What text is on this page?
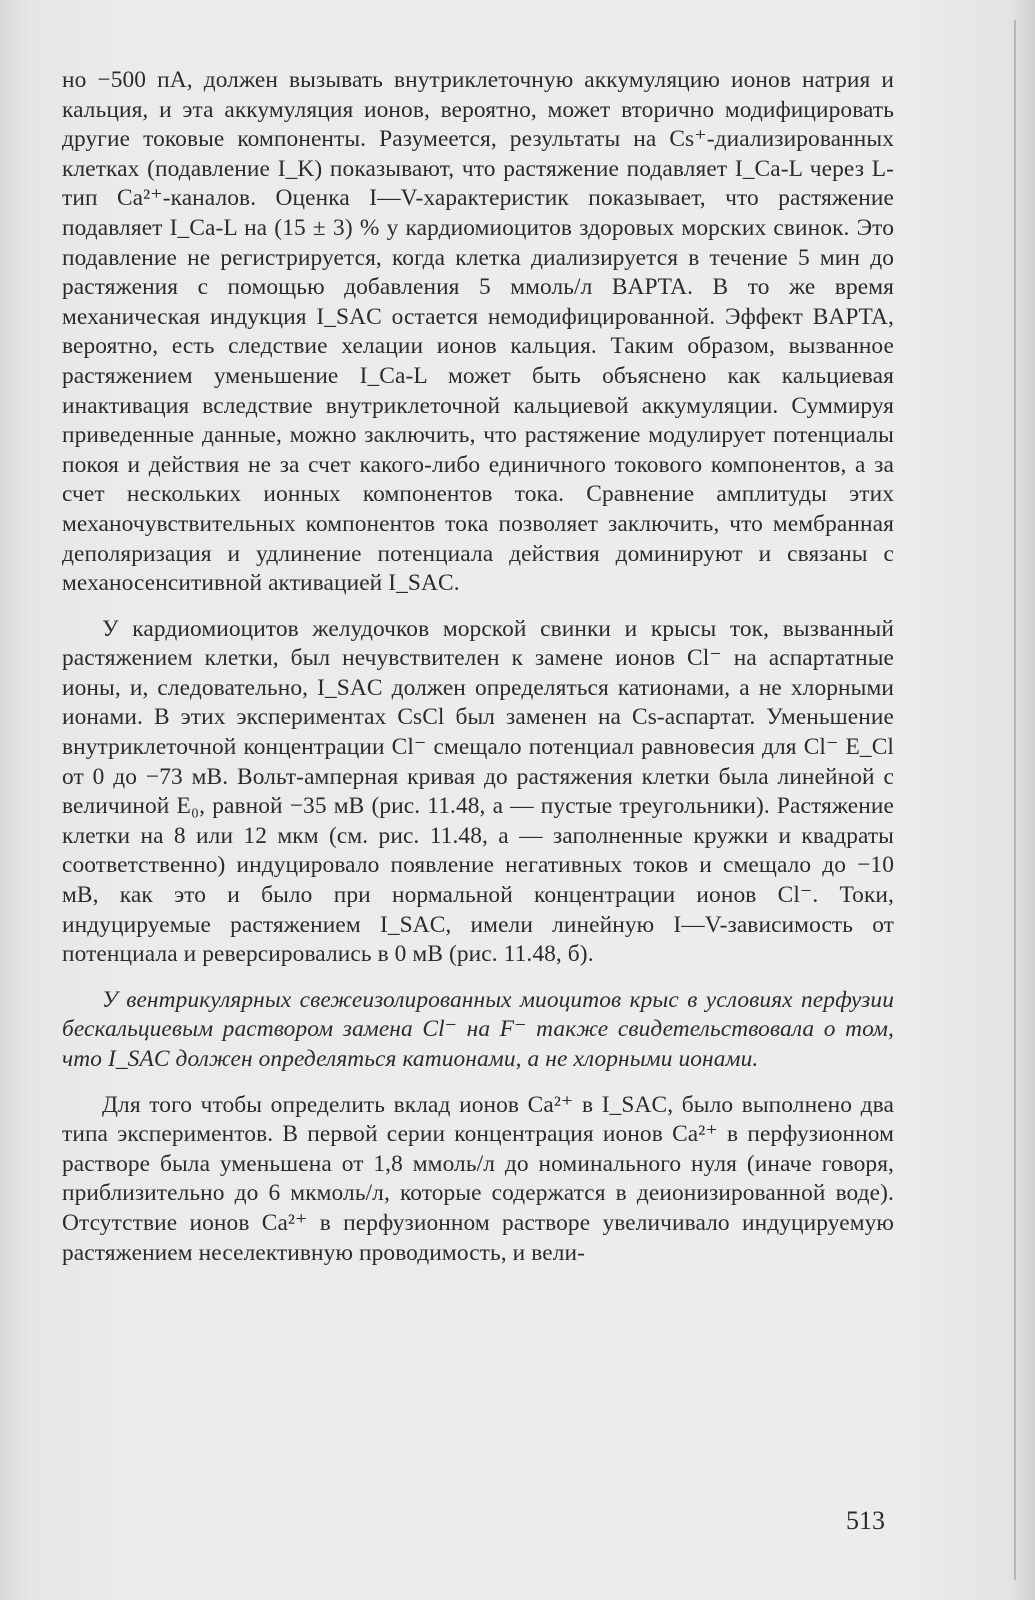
но −500 пА, должен вызывать внутриклеточную аккумуляцию ионов натрия и кальция, и эта аккумуляция ионов, вероятно, может вторично модифицировать другие токовые компоненты. Разумеется, результаты на Cs⁺-диализированных клетках (подавление I_K) показывают, что растяжение подавляет I_Ca-L через L-тип Ca²⁺-каналов. Оценка I—V-характеристик показывает, что растяжение подавляет I_Ca-L на (15 ± 3) % у кардиомиоцитов здоровых морских свинок. Это подавление не регистрируется, когда клетка диализируется в течение 5 мин до растяжения с помощью добавления 5 ммоль/л BAPTA. В то же время механическая индукция I_SAC остается немодифицированной. Эффект BAPTA, вероятно, есть следствие хелации ионов кальция. Таким образом, вызванное растяжением уменьшение I_Ca-L может быть объяснено как кальциевая инактивация вследствие внутриклеточной кальциевой аккумуляции. Суммируя приведенные данные, можно заключить, что растяжение модулирует потенциалы покоя и действия не за счет какого-либо единичного токового компонентов, а за счет нескольких ионных компонентов тока. Сравнение амплитуды этих механочувствительных компонентов тока позволяет заключить, что мембранная деполяризация и удлинение потенциала действия доминируют и связаны с механосенситивной активацией I_SAC.

У кардиомиоцитов желудочков морской свинки и крысы ток, вызванный растяжением клетки, был нечувствителен к замене ионов Cl⁻ на аспартатные ионы, и, следовательно, I_SAC должен определяться катионами, а не хлорными ионами. В этих экспериментах CsCl был заменен на Cs-аспартат. Уменьшение внутриклеточной концентрации Cl⁻ смещало потенциал равновесия для Cl⁻ E_Cl от 0 до −73 мВ. Вольт-амперная кривая до растяжения клетки была линейной с величиной E₀, равной −35 мВ (рис. 11.48, а — пустые треугольники). Растяжение клетки на 8 или 12 мкм (см. рис. 11.48, а — заполненные кружки и квадраты соответственно) индуцировало появление негативных токов и смещало до −10 мВ, как это и было при нормальной концентрации ионов Cl⁻. Токи, индуцируемые растяжением I_SAC, имели линейную I—V-зависимость от потенциала и реверсировались в 0 мВ (рис. 11.48, б).

У вентрикулярных свежеизолированных миоцитов крыс в условиях перфузии бескальциевым раствором замена Cl⁻ на F⁻ также свидетельствовала о том, что I_SAC должен определяться катионами, а не хлорными ионами.

Для того чтобы определить вклад ионов Ca²⁺ в I_SAC, было выполнено два типа экспериментов. В первой серии концентрация ионов Ca²⁺ в перфузионном растворе была уменьшена от 1,8 ммоль/л до номинального нуля (иначе говоря, приблизительно до 6 мкмоль/л, которые содержатся в деионизированной воде). Отсутствие ионов Ca²⁺ в перфузионном растворе увеличивало индуцируемую растяжением неселективную проводимость, и вели-

513
